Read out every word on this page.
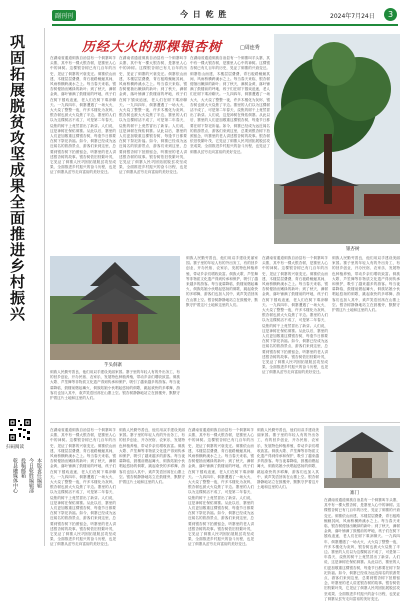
副刊刊	今 日 乾 胜	2024年7月24日	3
巩固拓展脱贫攻坚成果全面推进乡村振兴
扫码阅读
投稿邮箱 今日乾胜编辑部 本版责任编辑
乾县融媒体中心
历经大火的那棵银杏树	□周连秀
在湖南省通道侗族自治县有一个侗寨叫芋头寨，其中有一棵大银杏树，是寨里人心中的神树。这棵银杏树已有几百年的历史，见证了侗寨的兴衰变迁。侗寨依山而建，木楼层层叠叠，青石板路蜿蜒其间，风雨桥横跨溪水之上。每当春天来临，银杏树便抽出嫩绿的新叶；到了秋天，满树金黄，落叶铺满了鼓楼前的坪地，孩子们在树下嬉戏追逐，老人们在树下乘凉聊天。一九四四年，侗寨遭遇了一场大火，大火烧了整整一夜，许多木楼化为灰烬，银杏树也被大火烧焦了半边。寨里的人们以为这棵树活不成了，可是第二年春天，烧焦的树干上竟然冒出了新芽。人们说，这是神树在保佑侗寨。从此以后，寨里的人们更加敬重这棵银杏树，每逢节日都要在树下祭祀祈福。如今，侗寨已经成为远近闻名的旅游景点，游客们来到这里，总要到银杏树下拍照留念，听寨里的老人讲述银杏树的故事。银杏树依旧枝繁叶茂，它见证了侗寨人民巩固拓展脱贫攻坚成果、全面推进乡村振兴的奋斗历程，也见证了侗寨从贫穷走向富裕的美好变迁。
在湖南省通道侗族自治县有一个侗寨叫芋头寨，其中有一棵大银杏树，是寨里人心中的神树。这棵银杏树已有几百年的历史，见证了侗寨的兴衰变迁。侗寨依山而建，木楼层层叠叠，青石板路蜿蜒其间，风雨桥横跨溪水之上。每当春天来临，银杏树便抽出嫩绿的新叶；到了秋天，满树金黄，落叶铺满了鼓楼前的坪地，孩子们在树下嬉戏追逐，老人们在树下乘凉聊天。一九四四年，侗寨遭遇了一场大火，大火烧了整整一夜，许多木楼化为灰烬，银杏树也被大火烧焦了半边。寨里的人们以为这棵树活不成了，可是第二年春天，烧焦的树干上竟然冒出了新芽。人们说，这是神树在保佑侗寨。从此以后，寨里的人们更加敬重这棵银杏树，每逢节日都要在树下祭祀祈福。如今，侗寨已经成为远近闻名的旅游景点，游客们来到这里，总要到银杏树下拍照留念，听寨里的老人讲述银杏树的故事。银杏树依旧枝繁叶茂，它见证了侗寨人民巩固拓展脱贫攻坚成果、全面推进乡村振兴的奋斗历程，也见证了侗寨从贫穷走向富裕的美好变迁。
在湖南省通道侗族自治县有一个侗寨叫芋头寨，其中有一棵大银杏树，是寨里人心中的神树。这棵银杏树已有几百年的历史，见证了侗寨的兴衰变迁。侗寨依山而建，木楼层层叠叠，青石板路蜿蜒其间，风雨桥横跨溪水之上。每当春天来临，银杏树便抽出嫩绿的新叶；到了秋天，满树金黄，落叶铺满了鼓楼前的坪地，孩子们在树下嬉戏追逐，老人们在树下乘凉聊天。一九四四年，侗寨遭遇了一场大火，大火烧了整整一夜，许多木楼化为灰烬，银杏树也被大火烧焦了半边。寨里的人们以为这棵树活不成了，可是第二年春天，烧焦的树干上竟然冒出了新芽。人们说，这是神树在保佑侗寨。从此以后，寨里的人们更加敬重这棵银杏树，每逢节日都要在树下祭祀祈福。如今，侗寨已经成为远近闻名的旅游景点，游客们来到这里，总要到银杏树下拍照留念，听寨里的老人讲述银杏树的故事。银杏树依旧枝繁叶茂，它见证了侗寨人民巩固拓展脱贫攻坚成果、全面推进乡村振兴的奋斗历程，也见证了侗寨从贫穷走向富裕的美好变迁。
银杏树
侗族人民勤劳善良，他们用双手建设美丽家园。寨子里的年轻人有的外出务工，有的回乡创业，开办民宿、农家乐，发展特色种植养殖，带动乡亲们增收致富。侗族大歌、芦笙舞等非物质文化遗产得到传承和保护，吸引了越来越多的游客。每当夜幕降临，鼓楼前燃起篝火，侗族姑娘小伙唱起悠扬的侗歌，跳起欢快的多耶舞，游客们也加入其中，欢声笑语回荡在山寨上空。银杏树静静地站立在鼓楼旁，默默守护着这片土地和这里的人们。
在湖南省通道侗族自治县有一个侗寨叫芋头寨，其中有一棵大银杏树，是寨里人心中的神树。这棵银杏树已有几百年的历史，见证了侗寨的兴衰变迁。侗寨依山而建，木楼层层叠叠，青石板路蜿蜒其间，风雨桥横跨溪水之上。每当春天来临，银杏树便抽出嫩绿的新叶；到了秋天，满树金黄，落叶铺满了鼓楼前的坪地，孩子们在树下嬉戏追逐，老人们在树下乘凉聊天。一九四四年，侗寨遭遇了一场大火，大火烧了整整一夜，许多木楼化为灰烬，银杏树也被大火烧焦了半边。寨里的人们以为这棵树活不成了，可是第二年春天，烧焦的树干上竟然冒出了新芽。人们说，这是神树在保佑侗寨。从此以后，寨里的人们更加敬重这棵银杏树，每逢节日都要在树下祭祀祈福。如今，侗寨已经成为远近闻名的旅游景点，游客们来到这里，总要到银杏树下拍照留念，听寨里的老人讲述银杏树的故事。银杏树依旧枝繁叶茂，它见证了侗寨人民巩固拓展脱贫攻坚成果、全面推进乡村振兴的奋斗历程，也见证了侗寨从贫穷走向富裕的美好变迁。
侗族人民勤劳善良，他们用双手建设美丽家园。寨子里的年轻人有的外出务工，有的回乡创业，开办民宿、农家乐，发展特色种植养殖，带动乡亲们增收致富。侗族大歌、芦笙舞等非物质文化遗产得到传承和保护，吸引了越来越多的游客。每当夜幕降临，鼓楼前燃起篝火，侗族姑娘小伙唱起悠扬的侗歌，跳起欢快的多耶舞，游客们也加入其中，欢声笑语回荡在山寨上空。银杏树静静地站立在鼓楼旁，默默守护着这片土地和这里的人们。
芋头侗寨
侗族人民勤劳善良，他们用双手建设美丽家园。寨子里的年轻人有的外出务工，有的回乡创业，开办民宿、农家乐，发展特色种植养殖，带动乡亲们增收致富。侗族大歌、芦笙舞等非物质文化遗产得到传承和保护，吸引了越来越多的游客。每当夜幕降临，鼓楼前燃起篝火，侗族姑娘小伙唱起悠扬的侗歌，跳起欢快的多耶舞，游客们也加入其中，欢声笑语回荡在山寨上空。银杏树静静地站立在鼓楼旁，默默守护着这片土地和这里的人们。
在湖南省通道侗族自治县有一个侗寨叫芋头寨，其中有一棵大银杏树，是寨里人心中的神树。这棵银杏树已有几百年的历史，见证了侗寨的兴衰变迁。侗寨依山而建，木楼层层叠叠，青石板路蜿蜒其间，风雨桥横跨溪水之上。每当春天来临，银杏树便抽出嫩绿的新叶；到了秋天，满树金黄，落叶铺满了鼓楼前的坪地，孩子们在树下嬉戏追逐，老人们在树下乘凉聊天。一九四四年，侗寨遭遇了一场大火，大火烧了整整一夜，许多木楼化为灰烬，银杏树也被大火烧焦了半边。寨里的人们以为这棵树活不成了，可是第二年春天，烧焦的树干上竟然冒出了新芽。人们说，这是神树在保佑侗寨。从此以后，寨里的人们更加敬重这棵银杏树，每逢节日都要在树下祭祀祈福。如今，侗寨已经成为远近闻名的旅游景点，游客们来到这里，总要到银杏树下拍照留念，听寨里的老人讲述银杏树的故事。银杏树依旧枝繁叶茂，它见证了侗寨人民巩固拓展脱贫攻坚成果、全面推进乡村振兴的奋斗历程，也见证了侗寨从贫穷走向富裕的美好变迁。
侗族人民勤劳善良，他们用双手建设美丽家园。寨子里的年轻人有的外出务工，有的回乡创业，开办民宿、农家乐，发展特色种植养殖，带动乡亲们增收致富。侗族大歌、芦笙舞等非物质文化遗产得到传承和保护，吸引了越来越多的游客。每当夜幕降临，鼓楼前燃起篝火，侗族姑娘小伙唱起悠扬的侗歌，跳起欢快的多耶舞，游客们也加入其中，欢声笑语回荡在山寨上空。银杏树静静地站立在鼓楼旁，默默守护着这片土地和这里的人们。
在湖南省通道侗族自治县有一个侗寨叫芋头寨，其中有一棵大银杏树，是寨里人心中的神树。这棵银杏树已有几百年的历史，见证了侗寨的兴衰变迁。侗寨依山而建，木楼层层叠叠，青石板路蜿蜒其间，风雨桥横跨溪水之上。每当春天来临，银杏树便抽出嫩绿的新叶；到了秋天，满树金黄，落叶铺满了鼓楼前的坪地，孩子们在树下嬉戏追逐，老人们在树下乘凉聊天。一九四四年，侗寨遭遇了一场大火，大火烧了整整一夜，许多木楼化为灰烬，银杏树也被大火烧焦了半边。寨里的人们以为这棵树活不成了，可是第二年春天，烧焦的树干上竟然冒出了新芽。人们说，这是神树在保佑侗寨。从此以后，寨里的人们更加敬重这棵银杏树，每逢节日都要在树下祭祀祈福。如今，侗寨已经成为远近闻名的旅游景点，游客们来到这里，总要到银杏树下拍照留念，听寨里的老人讲述银杏树的故事。银杏树依旧枝繁叶茂，它见证了侗寨人民巩固拓展脱贫攻坚成果、全面推进乡村振兴的奋斗历程，也见证了侗寨从贫穷走向富裕的美好变迁。
侗族人民勤劳善良，他们用双手建设美丽家园。寨子里的年轻人有的外出务工，有的回乡创业，开办民宿、农家乐，发展特色种植养殖，带动乡亲们增收致富。侗族大歌、芦笙舞等非物质文化遗产得到传承和保护，吸引了越来越多的游客。每当夜幕降临，鼓楼前燃起篝火，侗族姑娘小伙唱起悠扬的侗歌，跳起欢快的多耶舞，游客们也加入其中，欢声笑语回荡在山寨上空。银杏树静静地站立在鼓楼旁，默默守护着这片土地和这里的人们。
寨门
在湖南省通道侗族自治县有一个侗寨叫芋头寨，其中有一棵大银杏树，是寨里人心中的神树。这棵银杏树已有几百年的历史，见证了侗寨的兴衰变迁。侗寨依山而建，木楼层层叠叠，青石板路蜿蜒其间，风雨桥横跨溪水之上。每当春天来临，银杏树便抽出嫩绿的新叶；到了秋天，满树金黄，落叶铺满了鼓楼前的坪地，孩子们在树下嬉戏追逐，老人们在树下乘凉聊天。一九四四年，侗寨遭遇了一场大火，大火烧了整整一夜，许多木楼化为灰烬，银杏树也被大火烧焦了半边。寨里的人们以为这棵树活不成了，可是第二年春天，烧焦的树干上竟然冒出了新芽。人们说，这是神树在保佑侗寨。从此以后，寨里的人们更加敬重这棵银杏树，每逢节日都要在树下祭祀祈福。如今，侗寨已经成为远近闻名的旅游景点，游客们来到这里，总要到银杏树下拍照留念，听寨里的老人讲述银杏树的故事。银杏树依旧枝繁叶茂，它见证了侗寨人民巩固拓展脱贫攻坚成果、全面推进乡村振兴的奋斗历程，也见证了侗寨从贫穷走向富裕的美好变迁。
